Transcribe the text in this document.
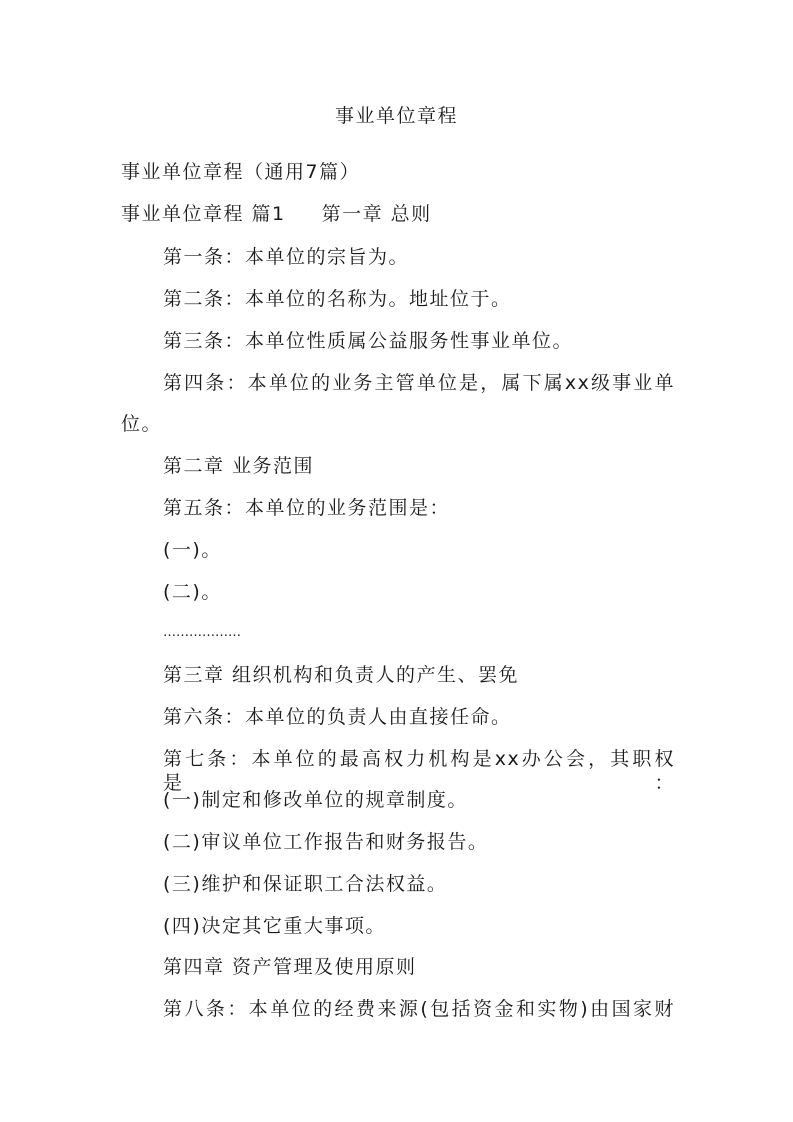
事业单位章程
事业单位章程（通用7篇）
事业单位章程 篇1 第一章 总则
第一条：本单位的宗旨为。
第二条：本单位的名称为。地址位于。
第三条：本单位性质属公益服务性事业单位。
第四条：本单位的业务主管单位是，属下属xx级事业单
位。
第二章 业务范围
第五条：本单位的业务范围是：
(一)。
(二)。
………………
第三章 组织机构和负责人的产生、罢免
第六条：本单位的负责人由直接任命。
第七条：本单位的最高权力机构是xx办公会，其职权是：
(一)制定和修改单位的规章制度。
(二)审议单位工作报告和财务报告。
(三)维护和保证职工合法权益。
(四)决定其它重大事项。
第四章 资产管理及使用原则
第八条：本单位的经费来源(包括资金和实物)由国家财
